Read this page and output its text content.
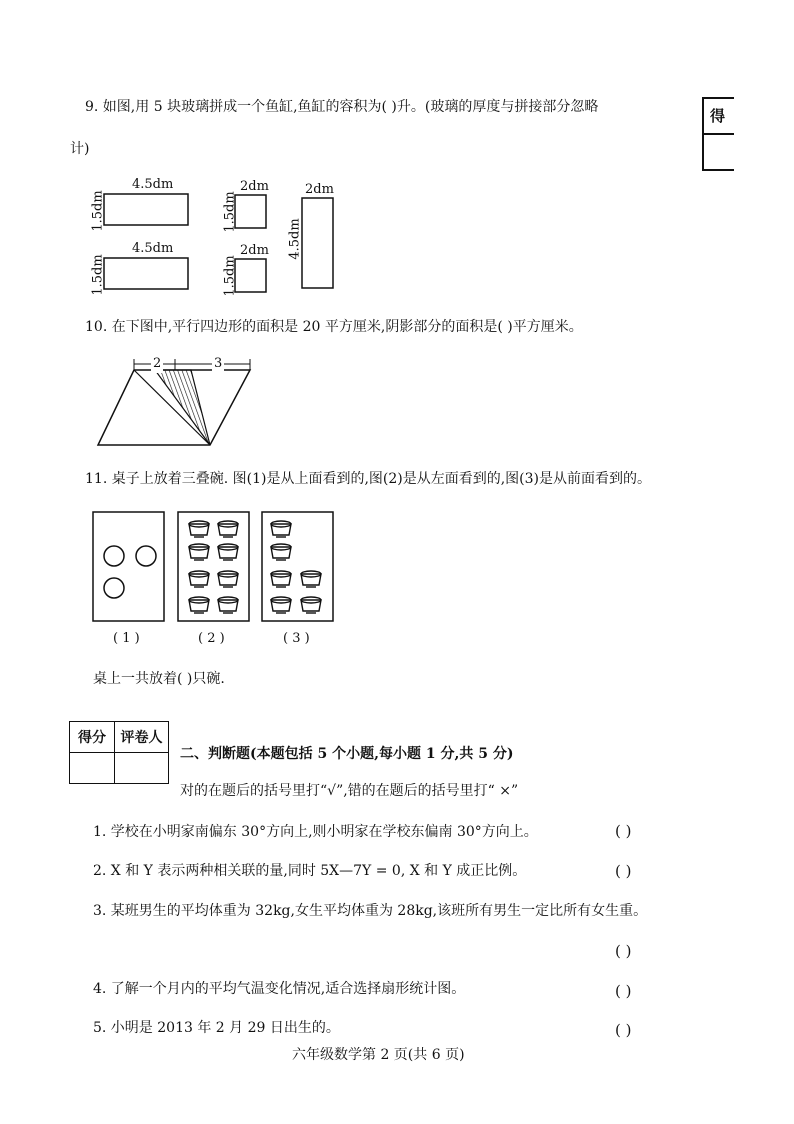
得
9. 如图,用 5 块玻璃拼成一个鱼缸,鱼缸的容积为( )升。(玻璃的厚度与拼接部分忽略
计)
4.5dm
1.5dm
2dm
1.5dm
2dm
4.5dm
4.5dm
1.5dm
2dm
1.5dm
10. 在下图中,平行四边形的面积是 20 平方厘米,阴影部分的面积是( )平方厘米。
2	3
11. 桌子上放着三叠碗. 图(1)是从上面看到的,图(2)是从左面看到的,图(3)是从前面看到的。
( 1 )	( 2 )	( 3 )
桌上一共放着( )只碗.
得分	评卷人

二、判断题(本题包括 5 个小题,每小题 1 分,共 5 分)
对的在题后的括号里打“√”,错的在题后的括号里打“ ×”
1. 学校在小明家南偏东 30°方向上,则小明家在学校东偏南 30°方向上。	( )
2. X 和 Y 表示两种相关联的量,同时 5X—7Y = 0, X 和 Y 成正比例。	( )
3. 某班男生的平均体重为 32kg,女生平均体重为 28kg,该班所有男生一定比所有女生重。
( )
4. 了解一个月内的平均气温变化情况,适合选择扇形统计图。	( )
5. 小明是 2013 年 2 月 29 日出生的。	( )
六年级数学第 2 页(共 6 页)
